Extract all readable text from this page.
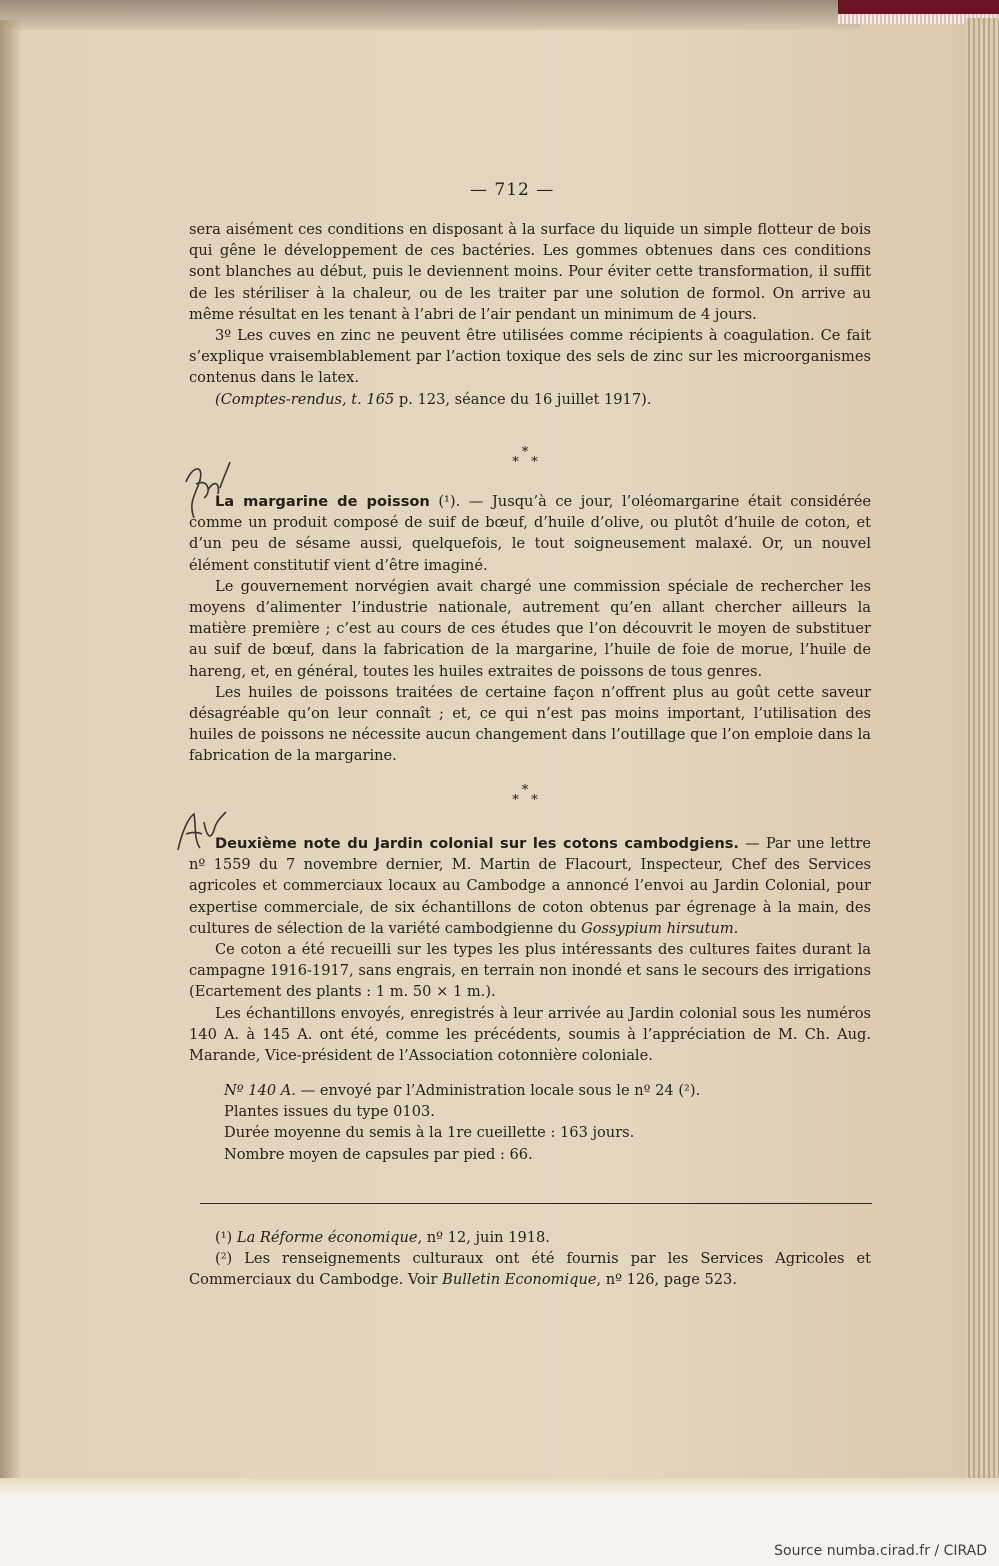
— 712 —

sera aisément ces conditions en disposant à la surface du liquide un simple flotteur de bois qui gêne le développement de ces bactéries. Les gommes obtenues dans ces conditions sont blanches au début, puis le deviennent moins. Pour éviter cette transformation, il suffit de les stériliser à la chaleur, ou de les traiter par une solution de formol. On arrive au même résultat en les tenant à l’abri de l’air pendant un minimum de 4 jours.

3º Les cuves en zinc ne peuvent être utilisées comme récipients à coagulation. Ce fait s’explique vraisemblablement par l’action toxique des sels de zinc sur les microorganismes contenus dans le latex.

(Comptes-rendus, t. 165 p. 123, séance du 16 juillet 1917).

*
* *

La margarine de poisson (¹). — Jusqu’à ce jour, l’oléomargarine était considérée comme un produit composé de suif de bœuf, d’huile d’olive, ou plutôt d’huile de coton, et d’un peu de sésame aussi, quelquefois, le tout soigneusement malaxé. Or, un nouvel élément constitutif vient d’être imaginé.

Le gouvernement norvégien avait chargé une commission spéciale de rechercher les moyens d’alimenter l’industrie nationale, autrement qu’en allant chercher ailleurs la matière première ; c’est au cours de ces études que l’on découvrit le moyen de substituer au suif de bœuf, dans la fabrication de la margarine, l’huile de foie de morue, l’huile de hareng, et, en général, toutes les huiles extraites de poissons de tous genres.

Les huiles de poissons traitées de certaine façon n’offrent plus au goût cette saveur désagréable qu’on leur connaît ; et, ce qui n’est pas moins important, l’utilisation des huiles de poissons ne nécessite aucun changement dans l’outillage que l’on emploie dans la fabrication de la margarine.

*
* *

Deuxième note du Jardin colonial sur les cotons cambodgiens. — Par une lettre nº 1559 du 7 novembre dernier, M. Martin de Flacourt, Inspecteur, Chef des Services agricoles et commerciaux locaux au Cambodge a annoncé l’envoi au Jardin Colonial, pour expertise commerciale, de six échantillons de coton obtenus par égrenage à la main, des cultures de sélection de la variété cambodgienne du Gossypium hirsutum.

Ce coton a été recueilli sur les types les plus intéressants des cultures faites durant la campagne 1916-1917, sans engrais, en terrain non inondé et sans le secours des irrigations (Ecartement des plants : 1 m. 50 × 1 m.).

Les échantillons envoyés, enregistrés à leur arrivée au Jardin colonial sous les numéros 140 A. à 145 A. ont été, comme les précédents, soumis à l’appréciation de M. Ch. Aug. Marande, Vice-président de l’Association cotonnière coloniale.

Nº 140 A. — envoyé par l’Administration locale sous le nº 24 (²).
Plantes issues du type 0103.
Durée moyenne du semis à la 1re cueillette : 163 jours.
Nombre moyen de capsules par pied : 66.

(¹) La Réforme économique, nº 12, juin 1918.

(²) Les renseignements culturaux ont été fournis par les Services Agricoles et Commerciaux du Cambodge. Voir Bulletin Economique, nº 126, page 523.

Source numba.cirad.fr / CIRAD
